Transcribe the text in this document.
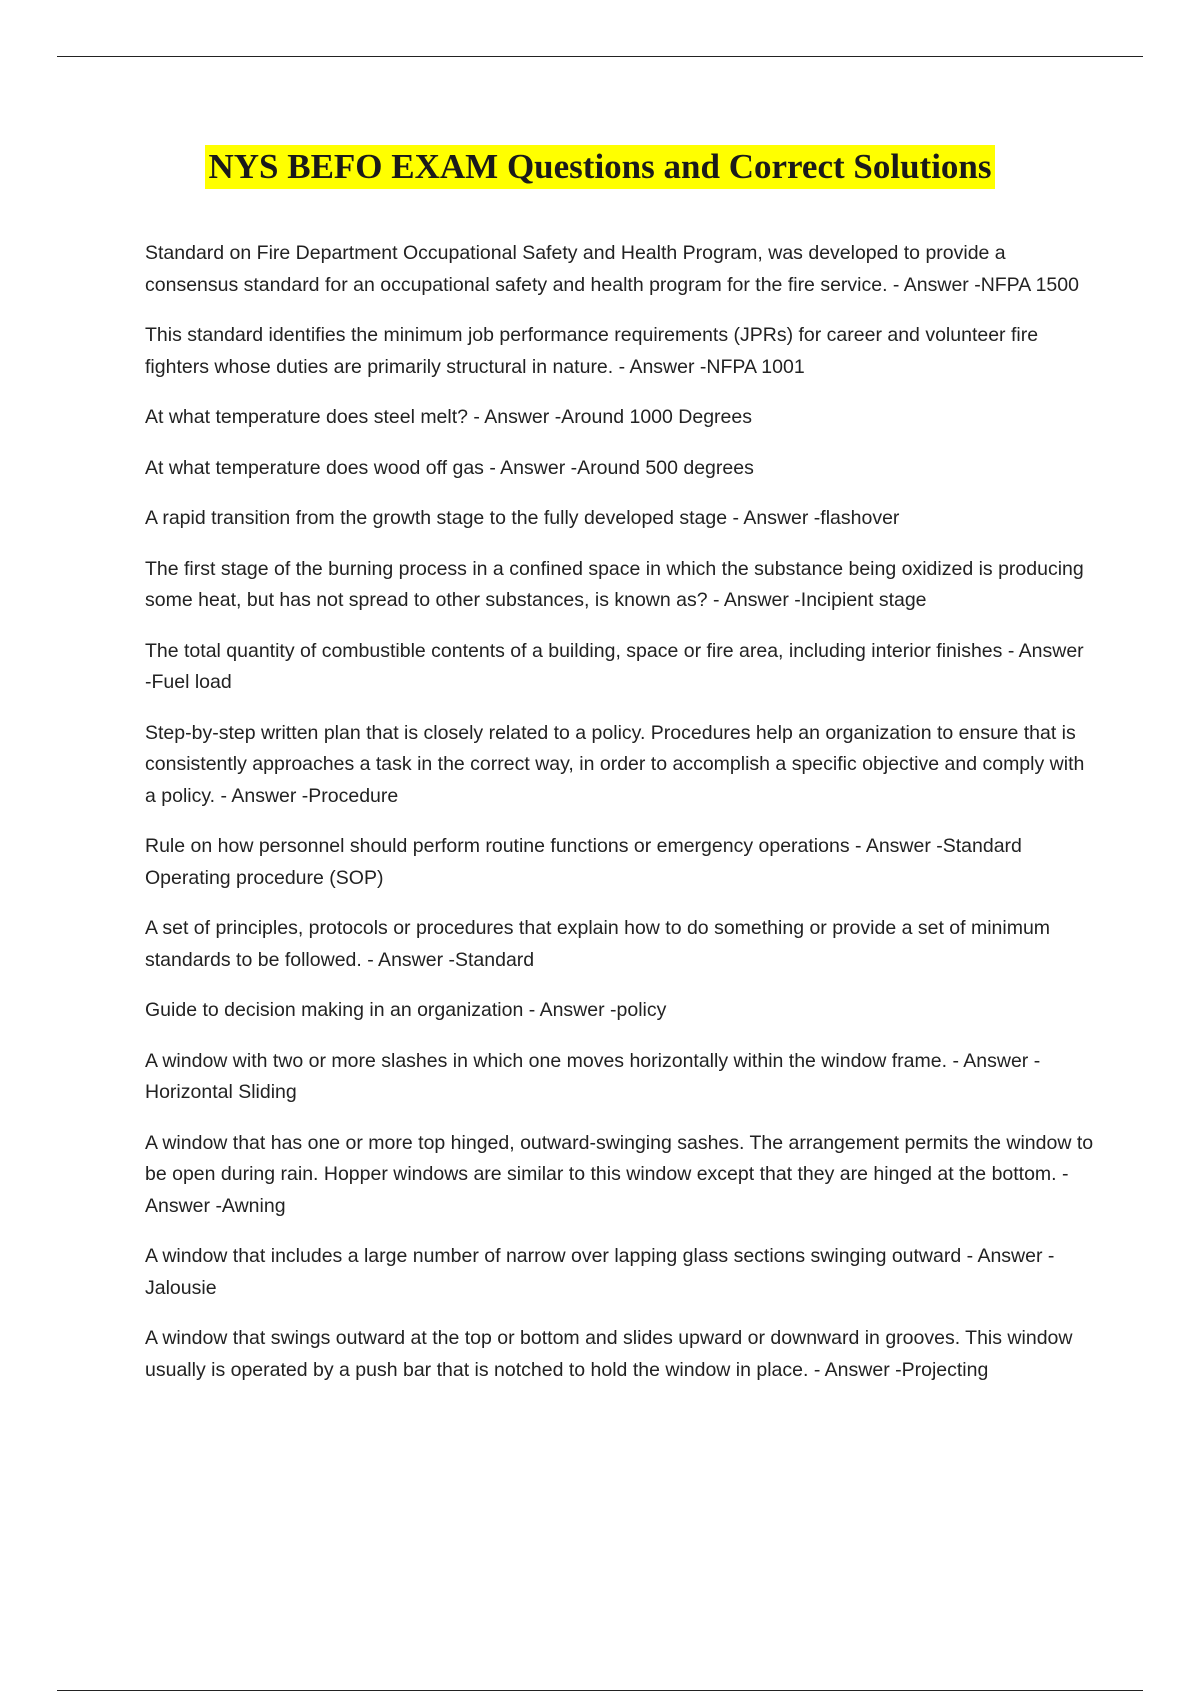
NYS BEFO EXAM Questions and Correct Solutions

Standard on Fire Department Occupational Safety and Health Program, was developed to provide a consensus standard for an occupational safety and health program for the fire service. - Answer -NFPA 1500

This standard identifies the minimum job performance requirements (JPRs) for career and volunteer fire fighters whose duties are primarily structural in nature. - Answer -NFPA 1001

At what temperature does steel melt? - Answer -Around 1000 Degrees

At what temperature does wood off gas - Answer -Around 500 degrees

A rapid transition from the growth stage to the fully developed stage - Answer -flashover

The first stage of the burning process in a confined space in which the substance being oxidized is producing some heat, but has not spread to other substances, is known as? - Answer -Incipient stage

The total quantity of combustible contents of a building, space or fire area, including interior finishes - Answer -Fuel load

Step-by-step written plan that is closely related to a policy. Procedures help an organization to ensure that is consistently approaches a task in the correct way, in order to accomplish a specific objective and comply with a policy. - Answer -Procedure

Rule on how personnel should perform routine functions or emergency operations - Answer -Standard Operating procedure (SOP)

A set of principles, protocols or procedures that explain how to do something or provide a set of minimum standards to be followed. - Answer -Standard

Guide to decision making in an organization - Answer -policy

A window with two or more slashes in which one moves horizontally within the window frame. - Answer -Horizontal Sliding

A window that has one or more top hinged, outward-swinging sashes. The arrangement permits the window to be open during rain. Hopper windows are similar to this window except that they are hinged at the bottom. - Answer -Awning

A window that includes a large number of narrow over lapping glass sections swinging outward - Answer -Jalousie

A window that swings outward at the top or bottom and slides upward or downward in grooves. This window usually is operated by a push bar that is notched to hold the window in place. - Answer -Projecting
